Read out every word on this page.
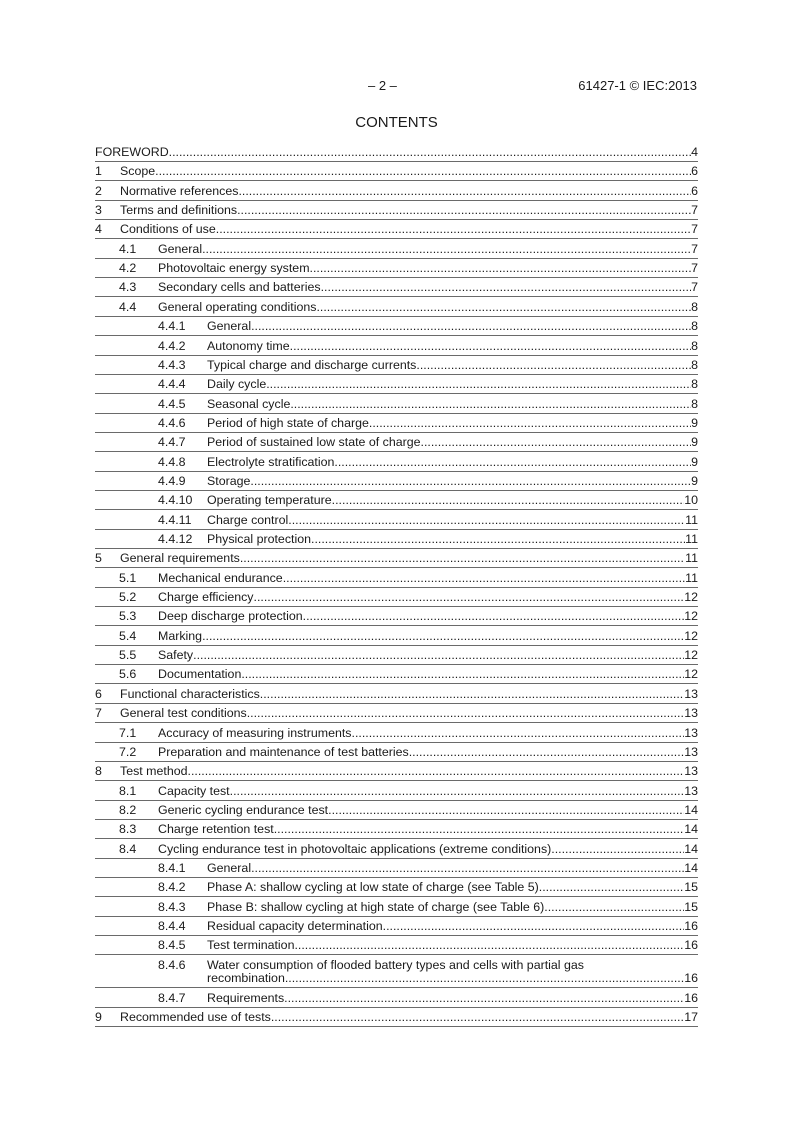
– 2 –	61427-1 © IEC:2013
CONTENTS
FOREWORD .....	4
1 Scope .....	6
2 Normative references .....	6
3 Terms and definitions .....	7
4 Conditions of use .....	7
4.1 General .....	7
4.2 Photovoltaic energy system .....	7
4.3 Secondary cells and batteries .....	7
4.4 General operating conditions .....	8
4.4.1 General .....	8
4.4.2 Autonomy time .....	8
4.4.3 Typical charge and discharge currents .....	8
4.4.4 Daily cycle .....	8
4.4.5 Seasonal cycle .....	8
4.4.6 Period of high state of charge .....	9
4.4.7 Period of sustained low state of charge .....	9
4.4.8 Electrolyte stratification .....	9
4.4.9 Storage .....	9
4.4.10 Operating temperature .....	10
4.4.11 Charge control .....	11
4.4.12 Physical protection .....	11
5 General requirements .....	11
5.1 Mechanical endurance .....	11
5.2 Charge efficiency .....	12
5.3 Deep discharge protection .....	12
5.4 Marking .....	12
5.5 Safety .....	12
5.6 Documentation .....	12
6 Functional characteristics .....	13
7 General test conditions .....	13
7.1 Accuracy of measuring instruments .....	13
7.2 Preparation and maintenance of test batteries .....	13
8 Test method .....	13
8.1 Capacity test .....	13
8.2 Generic cycling endurance test .....	14
8.3 Charge retention test .....	14
8.4 Cycling endurance test in photovoltaic applications (extreme conditions) .....	14
8.4.1 General .....	14
8.4.2 Phase A: shallow cycling at low state of charge (see Table 5) .....	15
8.4.3 Phase B: shallow cycling at high state of charge (see Table 6) .....	15
8.4.4 Residual capacity determination .....	16
8.4.5 Test termination .....	16
8.4.6 Water consumption of flooded battery types and cells with partial gas
recombination .....	16
8.4.7 Requirements .....	16
9 Recommended use of tests .....	17
